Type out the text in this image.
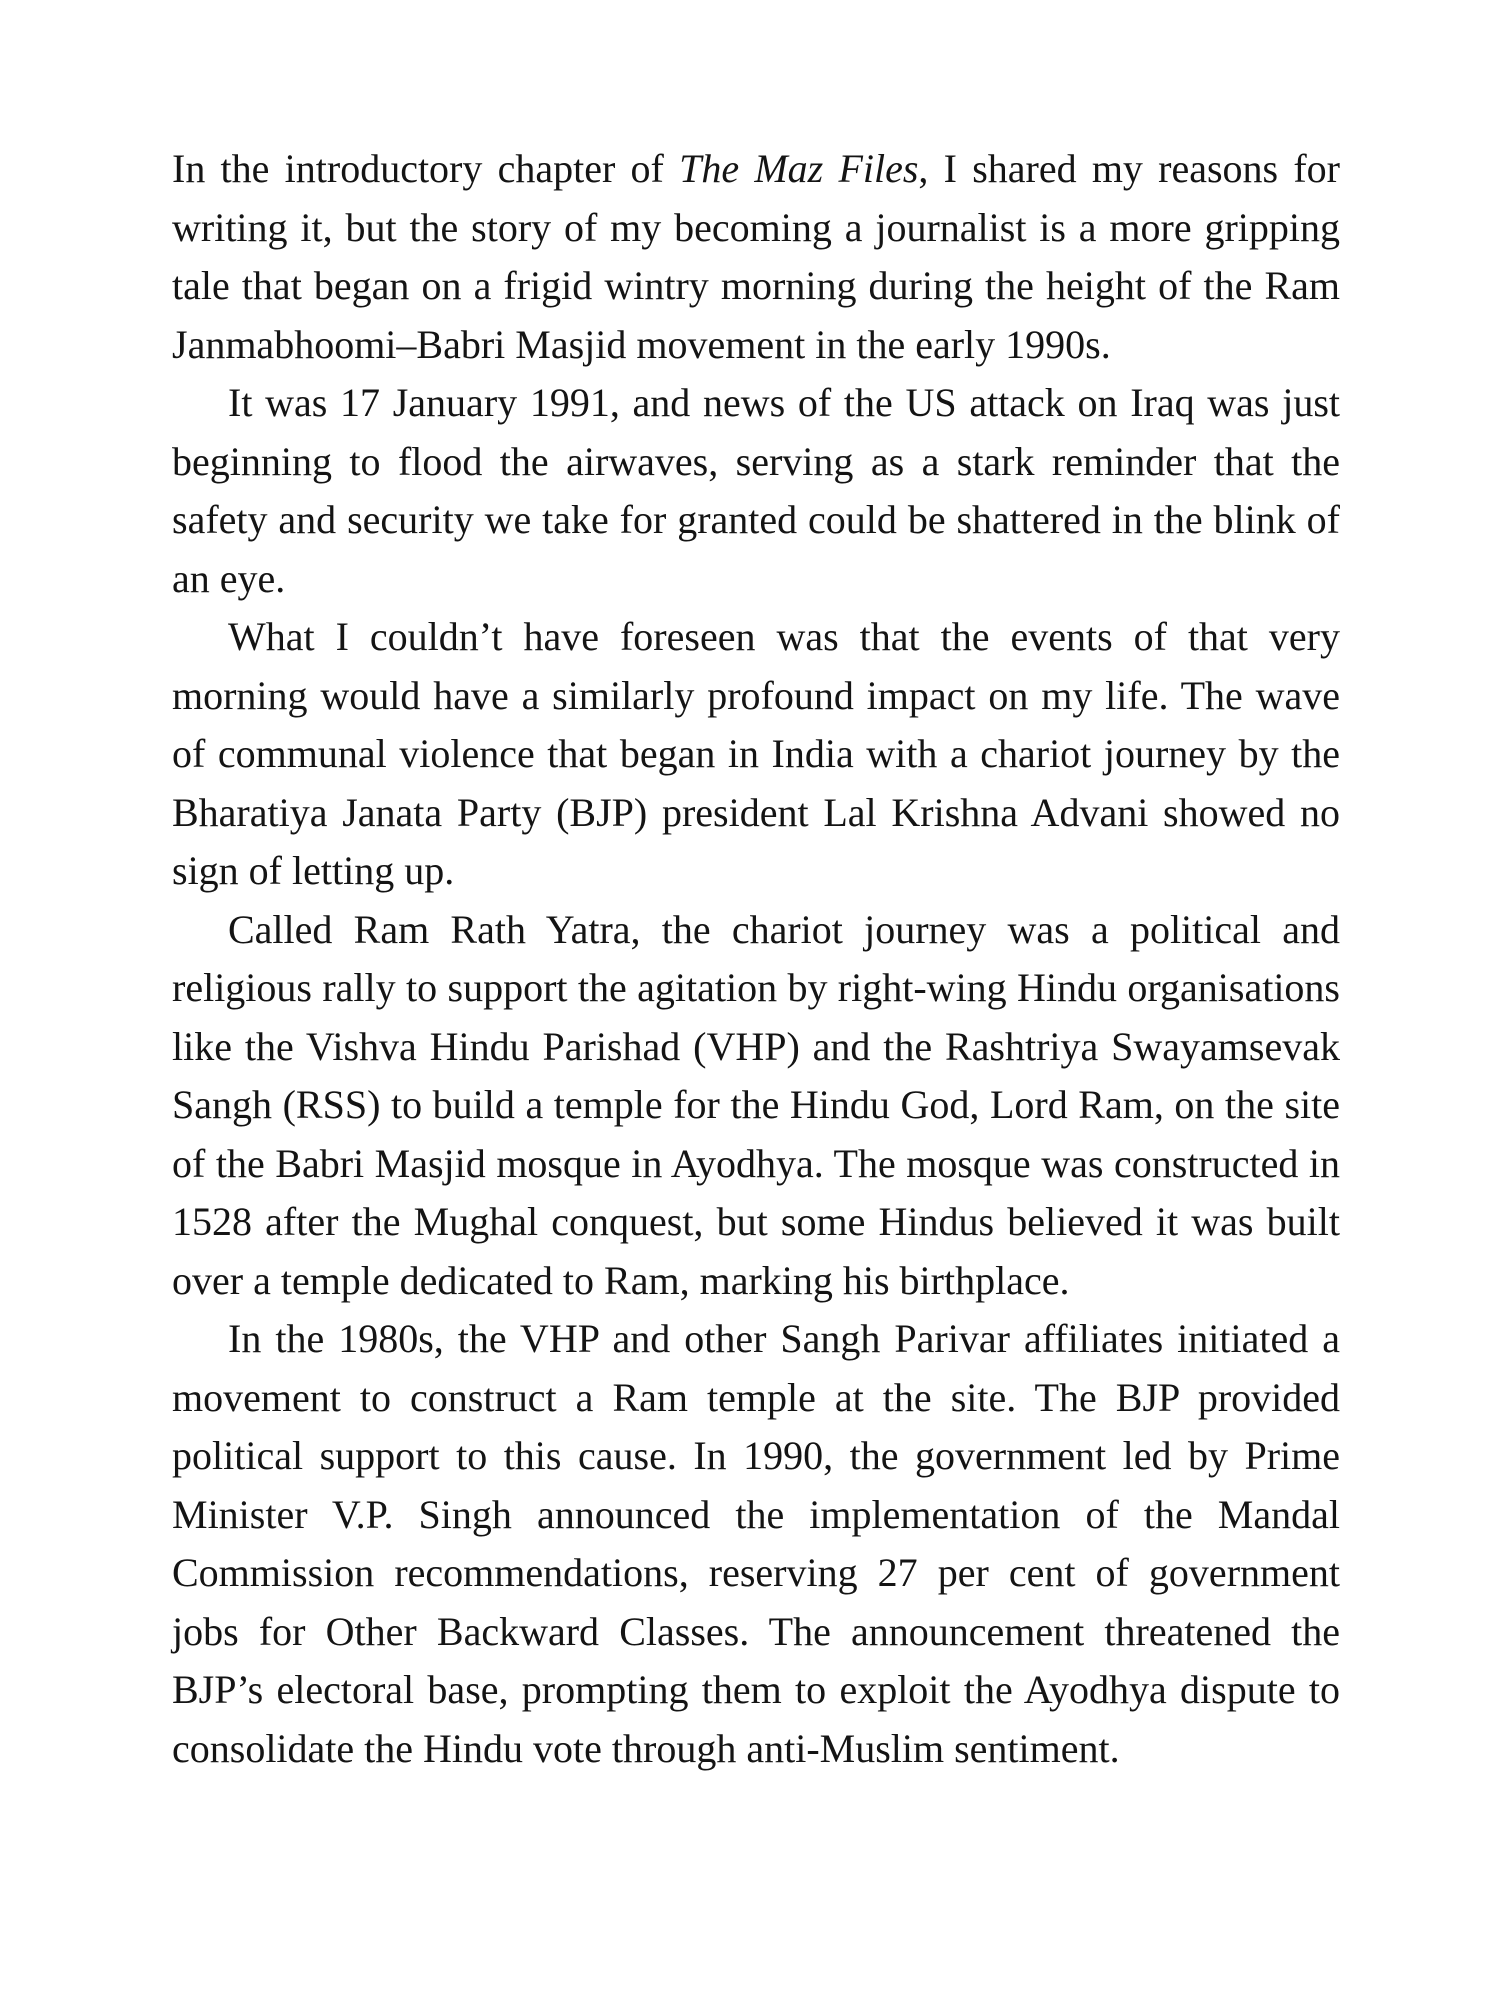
In the introductory chapter of The Maz Files, I shared my reasons for writing it, but the story of my becoming a journalist is a more gripping tale that began on a frigid wintry morning during the height of the Ram Janmabhoomi–Babri Masjid movement in the early 1990s.

It was 17 January 1991, and news of the US attack on Iraq was just beginning to flood the airwaves, serving as a stark reminder that the safety and security we take for granted could be shattered in the blink of an eye.

What I couldn’t have foreseen was that the events of that very morning would have a similarly profound impact on my life. The wave of communal violence that began in India with a chariot journey by the Bharatiya Janata Party (BJP) president Lal Krishna Advani showed no sign of letting up.

Called Ram Rath Yatra, the chariot journey was a political and religious rally to support the agitation by right-wing Hindu organisations like the Vishva Hindu Parishad (VHP) and the Rashtriya Swayamsevak Sangh (RSS) to build a temple for the Hindu God, Lord Ram, on the site of the Babri Masjid mosque in Ayodhya. The mosque was constructed in 1528 after the Mughal conquest, but some Hindus believed it was built over a temple dedicated to Ram, marking his birthplace.

In the 1980s, the VHP and other Sangh Parivar affiliates initiated a movement to construct a Ram temple at the site. The BJP provided political support to this cause. In 1990, the government led by Prime Minister V.P. Singh announced the implementation of the Mandal Commission recommendations, reserving 27 per cent of government jobs for Other Backward Classes. The announcement threatened the BJP’s electoral base, prompting them to exploit the Ayodhya dispute to consolidate the Hindu vote through anti-Muslim sentiment.
